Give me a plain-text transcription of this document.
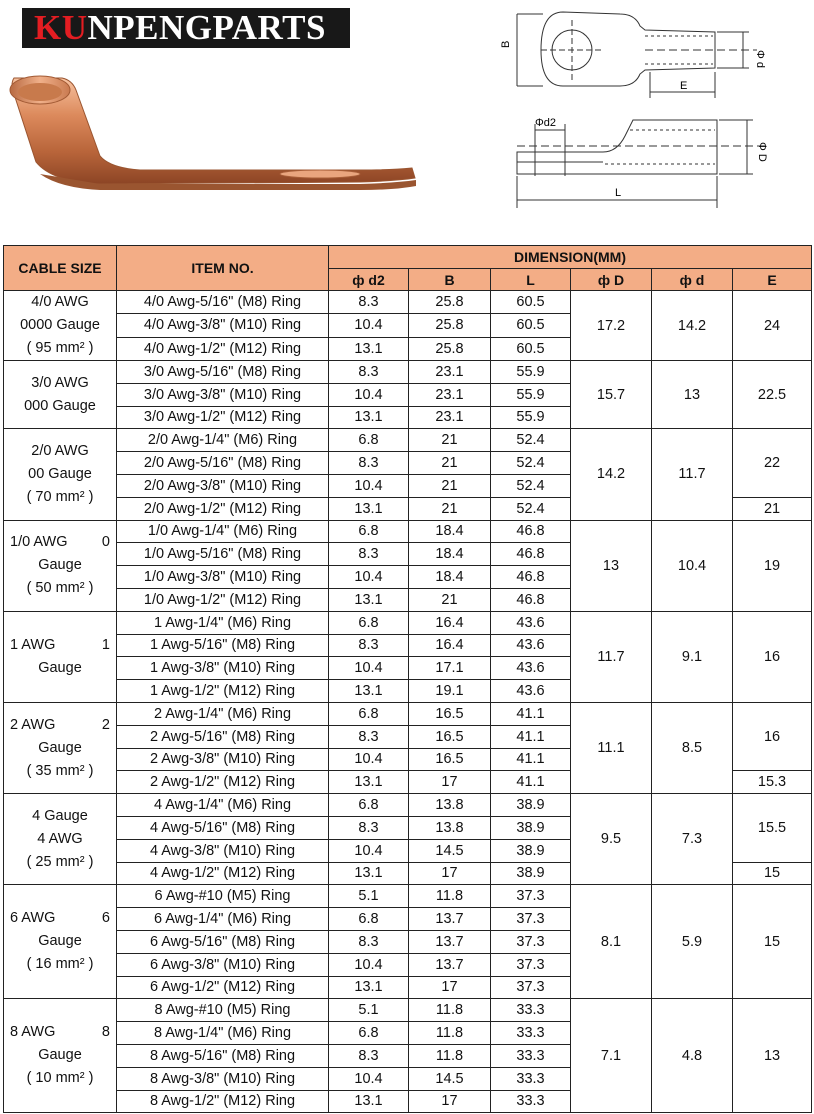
KUNPENGPARTS	B
Φ d
E
Φd2
Φ D
L
CABLE SIZE	ITEM NO.	DIMENSION(MM)					
		ф d2	B	L	ф D	ф d	E

4/0 AWG
0000 Gauge
( 95 mm² )	4/0 Awg-5/16" (M8) Ring	8.3	25.8	60.5	17.2	14.2	24
	4/0 Awg-3/8" (M10) Ring	10.4	25.8	60.5			
	4/0 Awg-1/2" (M12) Ring	13.1	25.8	60.5			

3/0 AWG
000 Gauge	3/0 Awg-5/16" (M8) Ring	8.3	23.1	55.9	15.7	13	22.5
	3/0 Awg-3/8" (M10) Ring	10.4	23.1	55.9			
	3/0 Awg-1/2" (M12) Ring	13.1	23.1	55.9			

2/0 AWG
00 Gauge
( 70 mm² )	2/0 Awg-1/4" (M6) Ring	6.8	21	52.4	14.2	11.7	22
	2/0 Awg-5/16" (M8) Ring	8.3	21	52.4			
	2/0 Awg-3/8" (M10) Ring	10.4	21	52.4			
	2/0 Awg-1/2" (M12) Ring	13.1	21	52.4			21

1/0 AWG 0
Gauge
( 50 mm² )	1/0 Awg-1/4" (M6) Ring	6.8	18.4	46.8	13	10.4	19
	1/0 Awg-5/16" (M8) Ring	8.3	18.4	46.8			
	1/0 Awg-3/8" (M10) Ring	10.4	18.4	46.8			
	1/0 Awg-1/2" (M12) Ring	13.1	21	46.8			

1 AWG 1
Gauge	1 Awg-1/4" (M6) Ring	6.8	16.4	43.6	11.7	9.1	16
	1 Awg-5/16" (M8) Ring	8.3	16.4	43.6			
	1 Awg-3/8" (M10) Ring	10.4	17.1	43.6			
	1 Awg-1/2" (M12) Ring	13.1	19.1	43.6			

2 AWG 2
Gauge
( 35 mm² )	2 Awg-1/4" (M6) Ring	6.8	16.5	41.1	11.1	8.5	16
	2 Awg-5/16" (M8) Ring	8.3	16.5	41.1			
	2 Awg-3/8" (M10) Ring	10.4	16.5	41.1			
	2 Awg-1/2" (M12) Ring	13.1	17	41.1			15.3

4 Gauge
4 AWG
( 25 mm² )	4 Awg-1/4" (M6) Ring	6.8	13.8	38.9	9.5	7.3	15.5
	4 Awg-5/16" (M8) Ring	8.3	13.8	38.9			
	4 Awg-3/8" (M10) Ring	10.4	14.5	38.9			
	4 Awg-1/2" (M12) Ring	13.1	17	38.9			15

6 AWG 6
Gauge
( 16 mm² )	6 Awg-#10 (M5) Ring	5.1	11.8	37.3	8.1	5.9	15
	6 Awg-1/4" (M6) Ring	6.8	13.7	37.3			
	6 Awg-5/16" (M8) Ring	8.3	13.7	37.3			
	6 Awg-3/8" (M10) Ring	10.4	13.7	37.3			
	6 Awg-1/2" (M12) Ring	13.1	17	37.3			

8 AWG 8
Gauge
( 10 mm² )	8 Awg-#10 (M5) Ring	5.1	11.8	33.3	7.1	4.8	13
	8 Awg-1/4" (M6) Ring	6.8	11.8	33.3			
	8 Awg-5/16" (M8) Ring	8.3	11.8	33.3			
	8 Awg-3/8" (M10) Ring	10.4	14.5	33.3			
	8 Awg-1/2" (M12) Ring	13.1	17	33.3			
